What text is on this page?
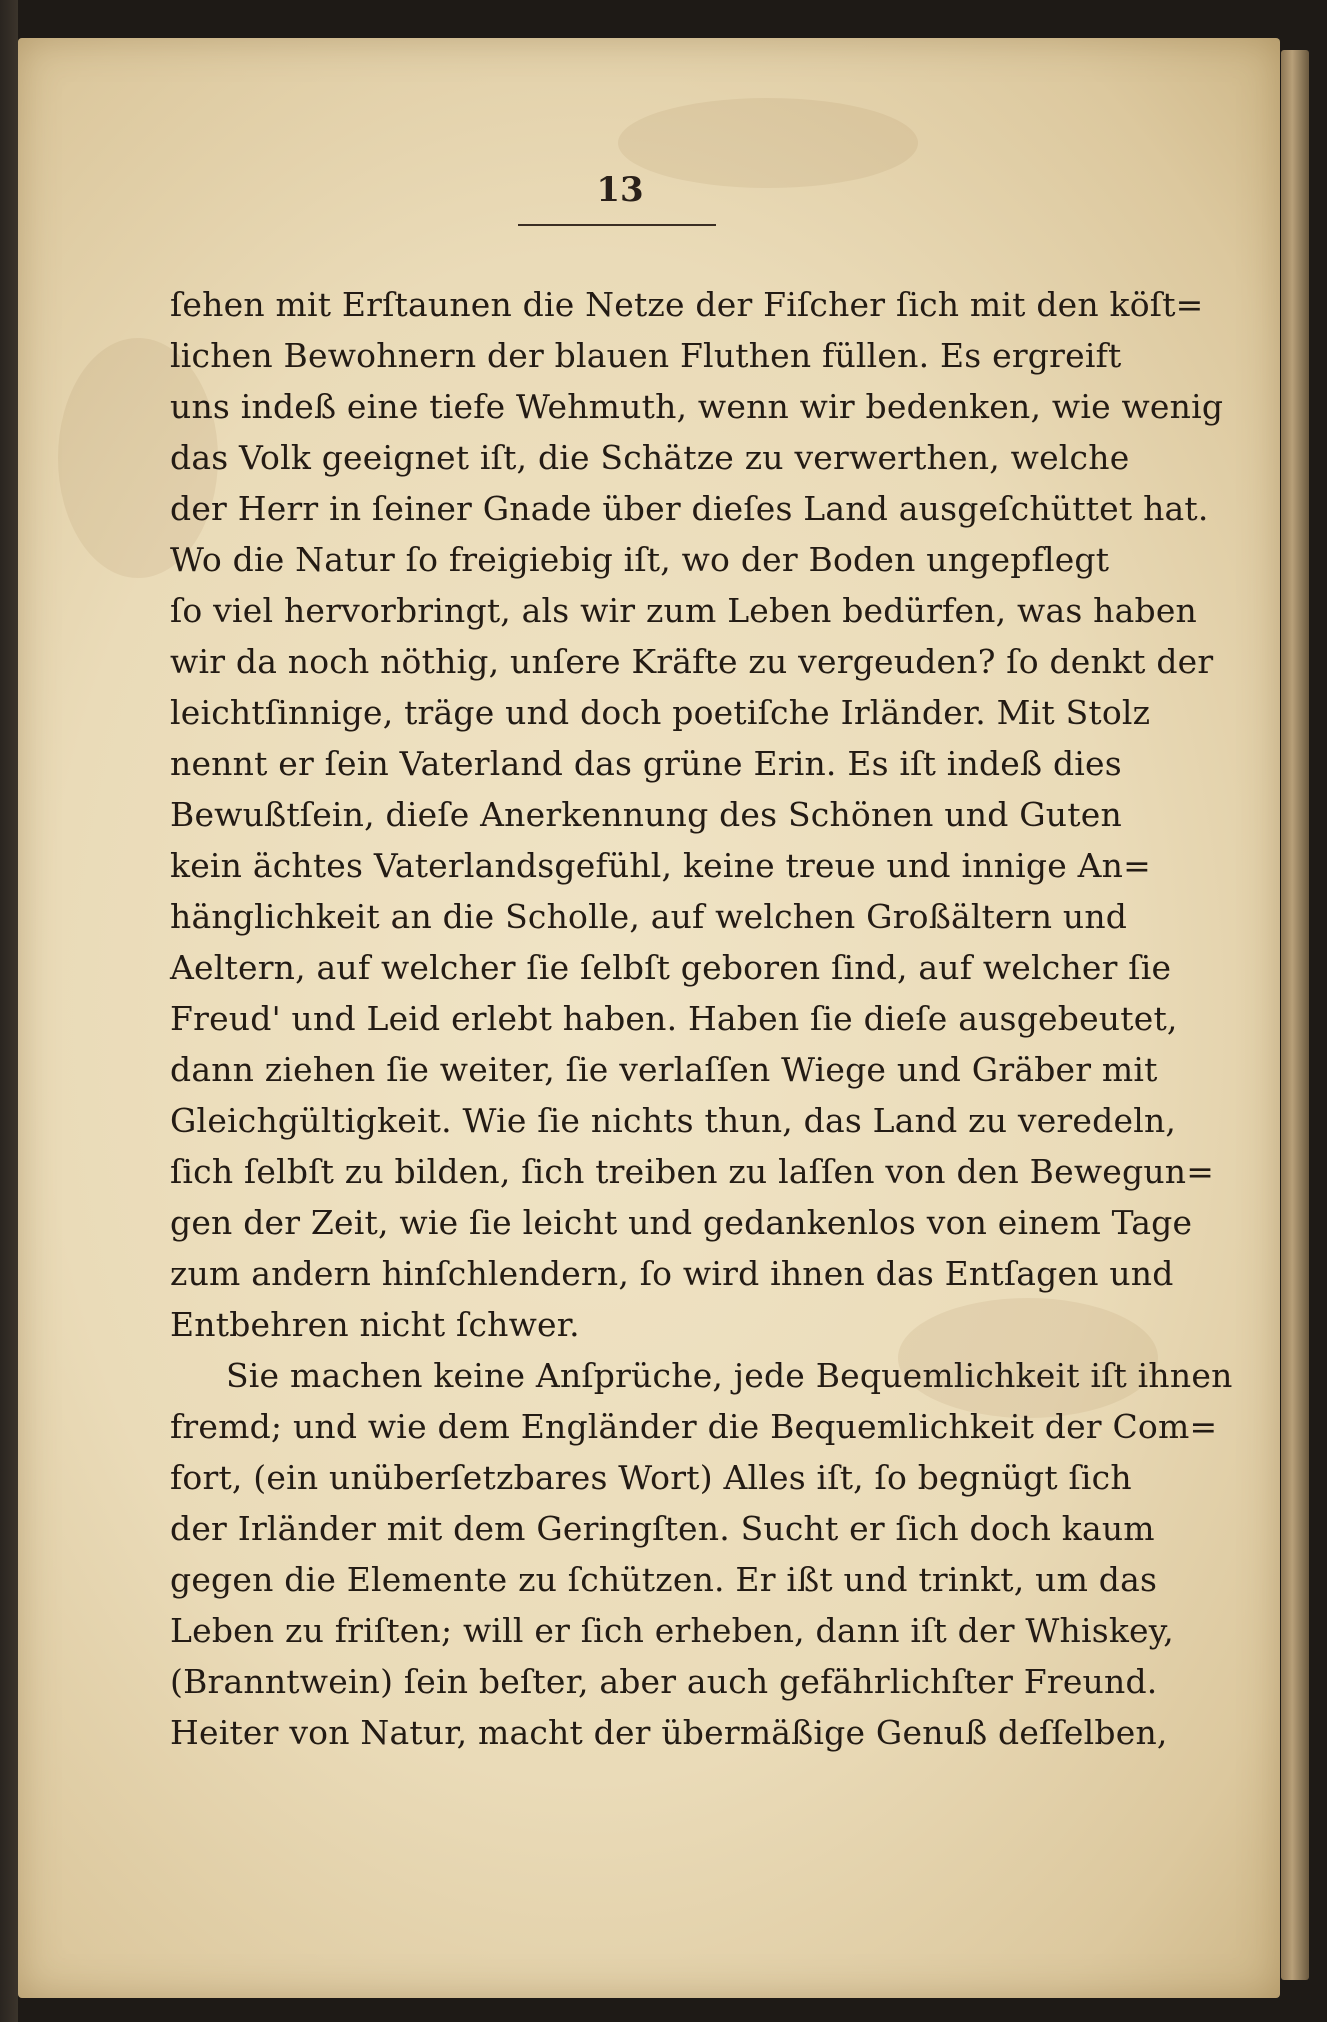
13
ſehen mit Erſtaunen die Netze der Fiſcher ſich mit den köſt=
lichen Bewohnern der blauen Fluthen füllen. Es ergreift
uns indeß eine tiefe Wehmuth, wenn wir bedenken, wie wenig
das Volk geeignet iſt, die Schätze zu verwerthen, welche
der Herr in ſeiner Gnade über dieſes Land ausgeſchüttet hat.
Wo die Natur ſo freigiebig iſt, wo der Boden ungepflegt
ſo viel hervorbringt, als wir zum Leben bedürfen, was haben
wir da noch nöthig, unſere Kräfte zu vergeuden? ſo denkt der
leichtſinnige, träge und doch poetiſche Irländer. Mit Stolz
nennt er ſein Vaterland das grüne Erin. Es iſt indeß dies
Bewußtſein, dieſe Anerkennung des Schönen und Guten
kein ächtes Vaterlandsgefühl, keine treue und innige An=
hänglichkeit an die Scholle, auf welchen Großältern und
Aeltern, auf welcher ſie ſelbſt geboren ſind, auf welcher ſie
Freud' und Leid erlebt haben. Haben ſie dieſe ausgebeutet,
dann ziehen ſie weiter, ſie verlaſſen Wiege und Gräber mit
Gleichgültigkeit. Wie ſie nichts thun, das Land zu veredeln,
ſich ſelbſt zu bilden, ſich treiben zu laſſen von den Bewegun=
gen der Zeit, wie ſie leicht und gedankenlos von einem Tage
zum andern hinſchlendern, ſo wird ihnen das Entſagen und
Entbehren nicht ſchwer.
Sie machen keine Anſprüche, jede Bequemlichkeit iſt ihnen
fremd; und wie dem Engländer die Bequemlichkeit der Com=
fort, (ein unüberſetzbares Wort) Alles iſt, ſo begnügt ſich
der Irländer mit dem Geringſten. Sucht er ſich doch kaum
gegen die Elemente zu ſchützen. Er ißt und trinkt, um das
Leben zu friſten; will er ſich erheben, dann iſt der Whiskey,
(Branntwein) ſein beſter, aber auch gefährlichſter Freund.
Heiter von Natur, macht der übermäßige Genuß deſſelben,
